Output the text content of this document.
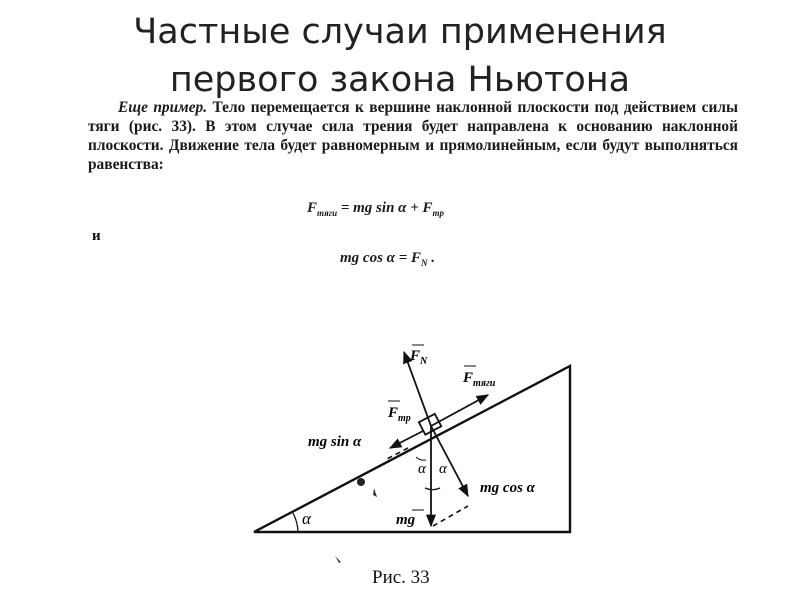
Частные случаи применения
первого закона Ньютона

Еще пример. Тело перемещается к вершине наклонной плоскости под действием силы тяги (рис. 33). В этом случае сила трения будет направлена к основанию наклонной плоскости. Движение тела будет равномерным и прямолинейным, если будут выполняться равенства:

$F_{тяги}$ = mg $\sin \alpha + F_{тр}$
и
mg $\cos \alpha = F_N$ .
α
$F_N$
$F_{тяги}$
$F_{тр}$
mg sin α
mg
mg cos α
α α
Рис. 33
